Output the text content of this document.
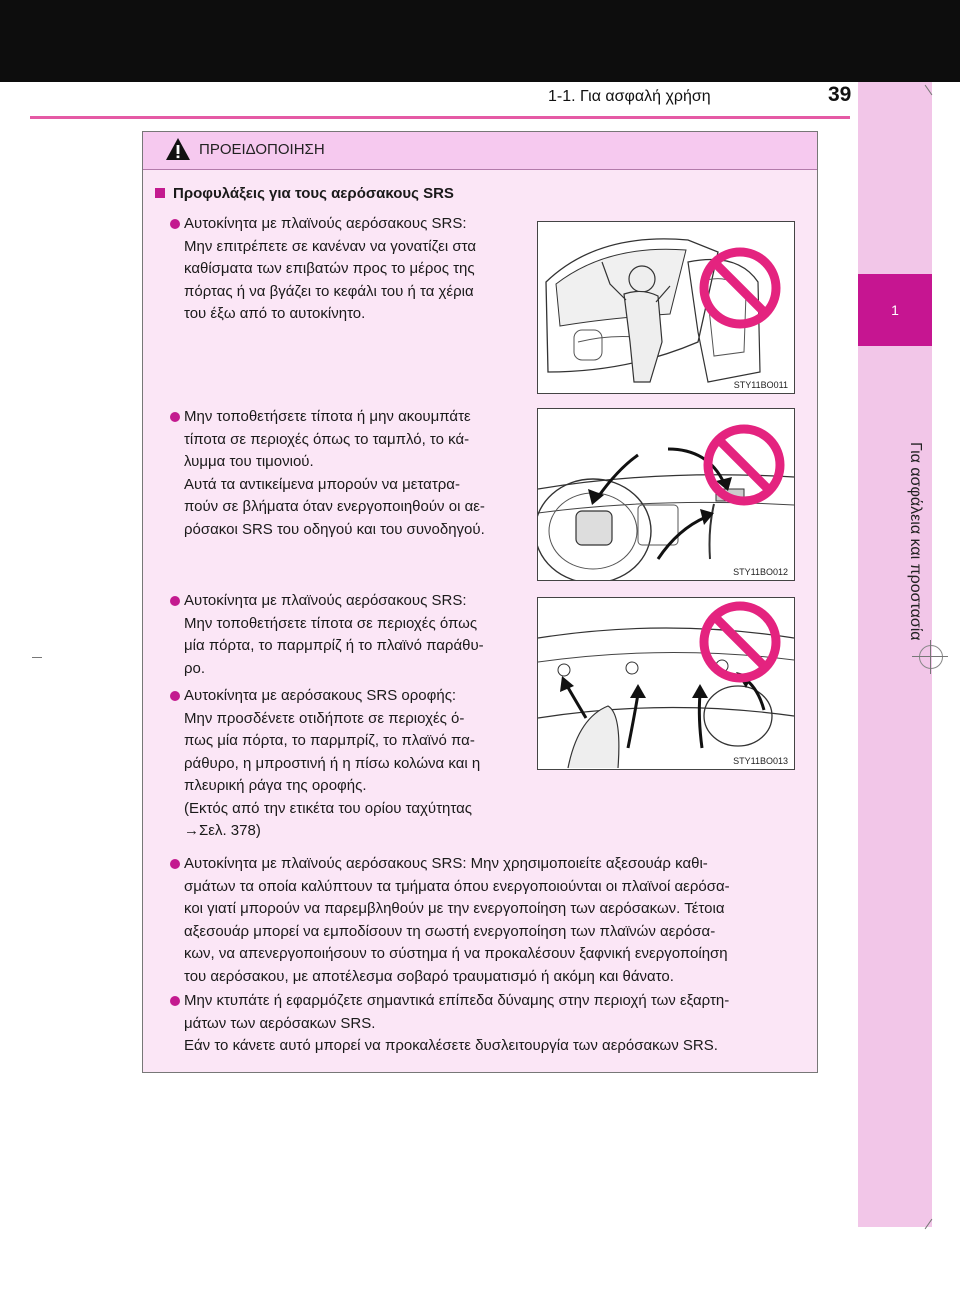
1-1. Για ασφαλή χρήση	39
1
Για ασφάλεια και προστασία
ΠΡΟΕΙΔΟΠΟΙΗΣΗ
Προφυλάξεις για τους αερόσακους SRS
Αυτοκίνητα με πλαϊνούς αερόσακους SRS:
Μην επιτρέπετε σε κανέναν να γονατίζει στα
καθίσματα των επιβατών προς το μέρος της
πόρτας ή να βγάζει το κεφάλι του ή τα χέρια
του έξω από το αυτοκίνητο.
Μην τοποθετήσετε τίποτα ή μην ακουμπάτε
τίποτα σε περιοχές όπως το ταμπλό, το κά-
λυμμα του τιμονιού.
Αυτά τα αντικείμενα μπορούν να μετατρα-
πούν σε βλήματα όταν ενεργοποιηθούν οι αε-
ρόσακοι SRS του οδηγού και του συνοδηγού.
Αυτοκίνητα με πλαϊνούς αερόσακους SRS:
Μην τοποθετήσετε τίποτα σε περιοχές όπως
μία πόρτα, το παρμπρίζ ή το πλαϊνό παράθυ-
ρο.
Αυτοκίνητα με αερόσακους SRS οροφής:
Μην προσδένετε οτιδήποτε σε περιοχές ό-
πως μία πόρτα, το παρμπρίζ, το πλαϊνό πα-
ράθυρο, η μπροστινή ή η πίσω κολώνα και η
πλευρική ράγα της οροφής.
(Εκτός από την ετικέτα του ορίου ταχύτητας
→Σελ. 378)
Αυτοκίνητα με πλαϊνούς αερόσακους SRS: Μην χρησιμοποιείτε αξεσουάρ καθι-
σμάτων τα οποία καλύπτουν τα τμήματα όπου ενεργοποιούνται οι πλαϊνοί αερόσα-
κοι γιατί μπορούν να παρεμβληθούν με την ενεργοποίηση των αερόσακων. Τέτοια
αξεσουάρ μπορεί να εμποδίσουν τη σωστή ενεργοποίηση των πλαϊνών αερόσα-
κων, να απενεργοποιήσουν το σύστημα ή να προκαλέσουν ξαφνική ενεργοποίηση
του αερόσακου, με αποτέλεσμα σοβαρό τραυματισμό ή ακόμη και θάνατο.
Μην κτυπάτε ή εφαρμόζετε σημαντικά επίπεδα δύναμης στην περιοχή των εξαρτη-
μάτων των αερόσακων SRS.
Εάν το κάνετε αυτό μπορεί να προκαλέσετε δυσλειτουργία των αερόσακων SRS.
STY11BO011
STY11BO012
STY11BO013
